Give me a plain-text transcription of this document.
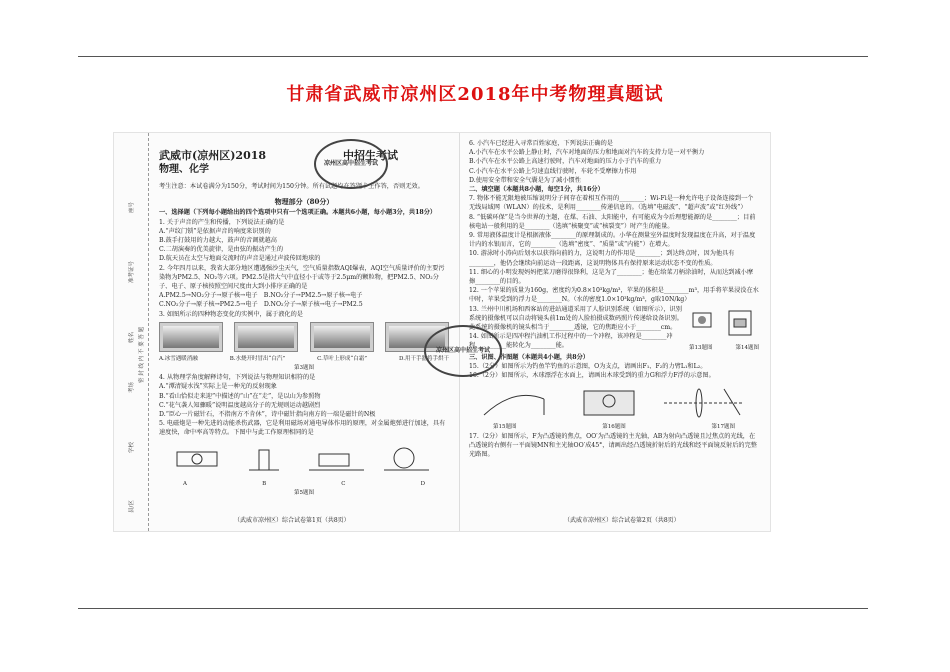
甘肃省武威市凉州区2018年中考物理真题试
座号
准考证号
姓名
考场
学校
县/区
密 封 线 内 不 要 答 题
武威市(凉州区)2018　　　　　　　	中招生考试
物理、化学

考生注意：本试卷满分为150分，考试时间为150分钟。所有试题均在答题卡上作答，否则无效。

物理部分（80分）

一、选择题（下列每小题给出的四个选项中只有一个选项正确。本题共6小题，每小题3分，共18分）

1. 关于声音的产生和传播，下列说法正确的是

A.“声纹门锁”是依据声音的响度来识别的

B.鼓手打鼓用的力越大，鼓声的音调就越高

C.二胡演奏的优美旋律，是由弦的振动产生的

D.航天员在太空与地面交流时的声音是通过声波传回地球的

2. 今年四月以来，我省大部分地区遭遇强沙尘天气，空气质量指数AQI爆表，AQI空气质量评价的主要污染物为PM2.5、NO₂等六项。PM2.5是指大气中直径小于或等于2.5μm的颗粒物，把PM2.5、NO₂分子、电子、原子核按照空间尺度由大到小排序正确的是

A.PM2.5→NO₂分子→原子核→电子　 B.NO₂分子→PM2.5→原子核→电子

C.NO₂分子→原子核→PM2.5→电子　 D.NO₂分子→原子核→电子→PM2.5

3. 如图所示的四种物态变化的实例中，属于液化的是

A.冰雪遇暖消融	B.水烧开时冒出“白汽”	C.草叶上形成“白霜”	D.用干手器将手烘干
第3题图

4. 从物理学角度解释诗句，下列说法与物理知识相符的是

A.“潭清疑水浅”实际上是一种光的反射现象

B.“看山恰似走来迎”中描述的“山”在“走”，是以山为参照物

C.“花气袭人知骤暖”说明温度越高分子的无规则运动越剧烈

D.“臣心一片磁针石，不指南方不肯休”，诗中磁针指向南方的一端是磁针的N极

5. 电磁炮是一种先进的动能杀伤武器，它是利用磁场对通电导体作用的原理，对金属炮弹进行加速，具有速度快，命中率高等特点。下图中与此工作原理相同的是

A	B	C	D
第5题图
（武威市凉州区）综合试卷第1页（共8页）

6. 小汽车已经进入寻常百姓家庭，下列说法正确的是

A.小汽车在水平公路上静止时，汽车对地面的压力和地面对汽车的支持力是一对平衡力

B.小汽车在水平公路上高速行驶时，汽车对地面的压力小于汽车的重力

C.小汽车在水平公路上匀速直线行驶时，车轮不受摩擦力作用

D.使用安全带和安全气囊是为了减小惯性

二、填空题（本题共8小题，每空1分，共16分）

7. 物体不能无限地被压缩说明分子间存在着相互作用的________；Wi-Fi是一种允许电子设备连接到一个无线局域网（WLAN）的技术，是利用________传递信息的。（选填“电磁波”、“超声波”或“红外线”）

8. “低碳环保”是当今世界的主题，在煤、石油、太阳能中，有可能成为今后理想能源的是________；目前核电站一般利用的是________（选填“核聚变”或“核裂变”）时产生的能量。

9. 常用液体温度计是根据液体________的原理制成的。小华在测量室外温度时发现温度在升高，对于温度计内的水银而言，它的________（选填“密度”、“质量”或“内能”）在增大。

10. 游泳时小涛向后划水以获得向前的力，这说明力的作用是________；到达终点时，因为他具有________，他仍会继续向前运动一段距离，这说明物体具有保持原来运动状态不变的性质。

11. 细心的小明发现妈妈把菜刀磨得很锋利，这是为了________；他在给菜刀柄涂油时，从而达到减小摩擦________的目的。

12. 一个苹果的质量为160g，密度约为0.8×10³kg/m³，苹果的体积是________m³，用手将苹果浸没在水中时，苹果受到的浮力是________N。（水的密度1.0×10³kg/m³，g取10N/kg）

13. 兰州中川机场和西客站的进站通道采用了人脸识别系统（如图所示），识别系统的摄像机可以自动将镜头前1m处的人脸拍摄成数码照片传递给设备识别。此系统的摄像机的镜头相当于________透镜，它的焦距应小于________cm。

14. 如图所示是四冲程汽油机工作过程中的一个冲程，该冲程是________冲程，________能转化为________能。	第13题图	第14题图

三、识图、作图题（本题共4小题，共8分）

15.（2分）如图所示为钓鱼竿钓鱼的示意图，O为支点，请画出F₁、F₂的力臂L₁和L₂。

16.（2分）如图所示，木球漂浮在水面上，请画出木球受到的重力G和浮力F浮的示意图。

第15题图	第16题图	第17题图

17.（2分）如图所示，F为凸透镜的焦点，OO′为凸透镜的主光轴，AB为射向凸透镜且过焦点的光线，在凸透镜的右侧有一平面镜MN和主光轴OO′成45°，请画出经凸透镜折射后的光线和经平面镜反射后的完整光路图。

（武威市凉州区）综合试卷第2页（共8页）
凉州区高中招生考试
凉州区高中招生考试
